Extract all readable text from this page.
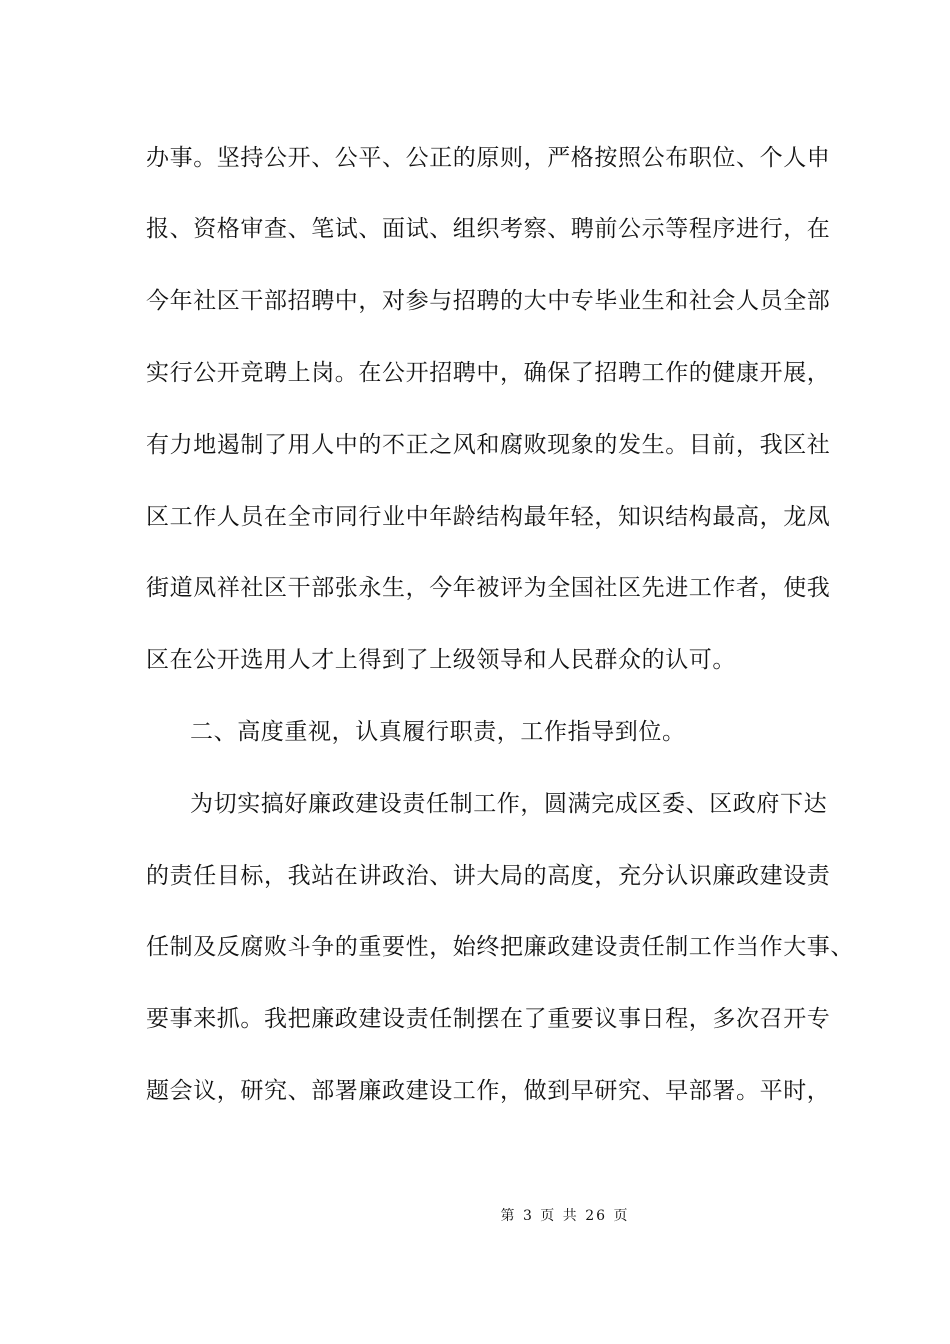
办事。坚持公开、公平、公正的原则，严格按照公布职位、个人申
报、资格审查、笔试、面试、组织考察、聘前公示等程序进行，在
今年社区干部招聘中，对参与招聘的大中专毕业生和社会人员全部
实行公开竞聘上岗。在公开招聘中，确保了招聘工作的健康开展，
有力地遏制了用人中的不正之风和腐败现象的发生。目前，我区社
区工作人员在全市同行业中年龄结构最年轻，知识结构最高，龙凤
街道凤祥社区干部张永生，今年被评为全国社区先进工作者，使我
区在公开选用人才上得到了上级领导和人民群众的认可。
二、高度重视，认真履行职责，工作指导到位。
为切实搞好廉政建设责任制工作，圆满完成区委、区政府下达
的责任目标，我站在讲政治、讲大局的高度，充分认识廉政建设责
任制及反腐败斗争的重要性，始终把廉政建设责任制工作当作大事、
要事来抓。我把廉政建设责任制摆在了重要议事日程，多次召开专
题会议，研究、部署廉政建设工作，做到早研究、早部署。平时，
第 3 页 共 26 页
